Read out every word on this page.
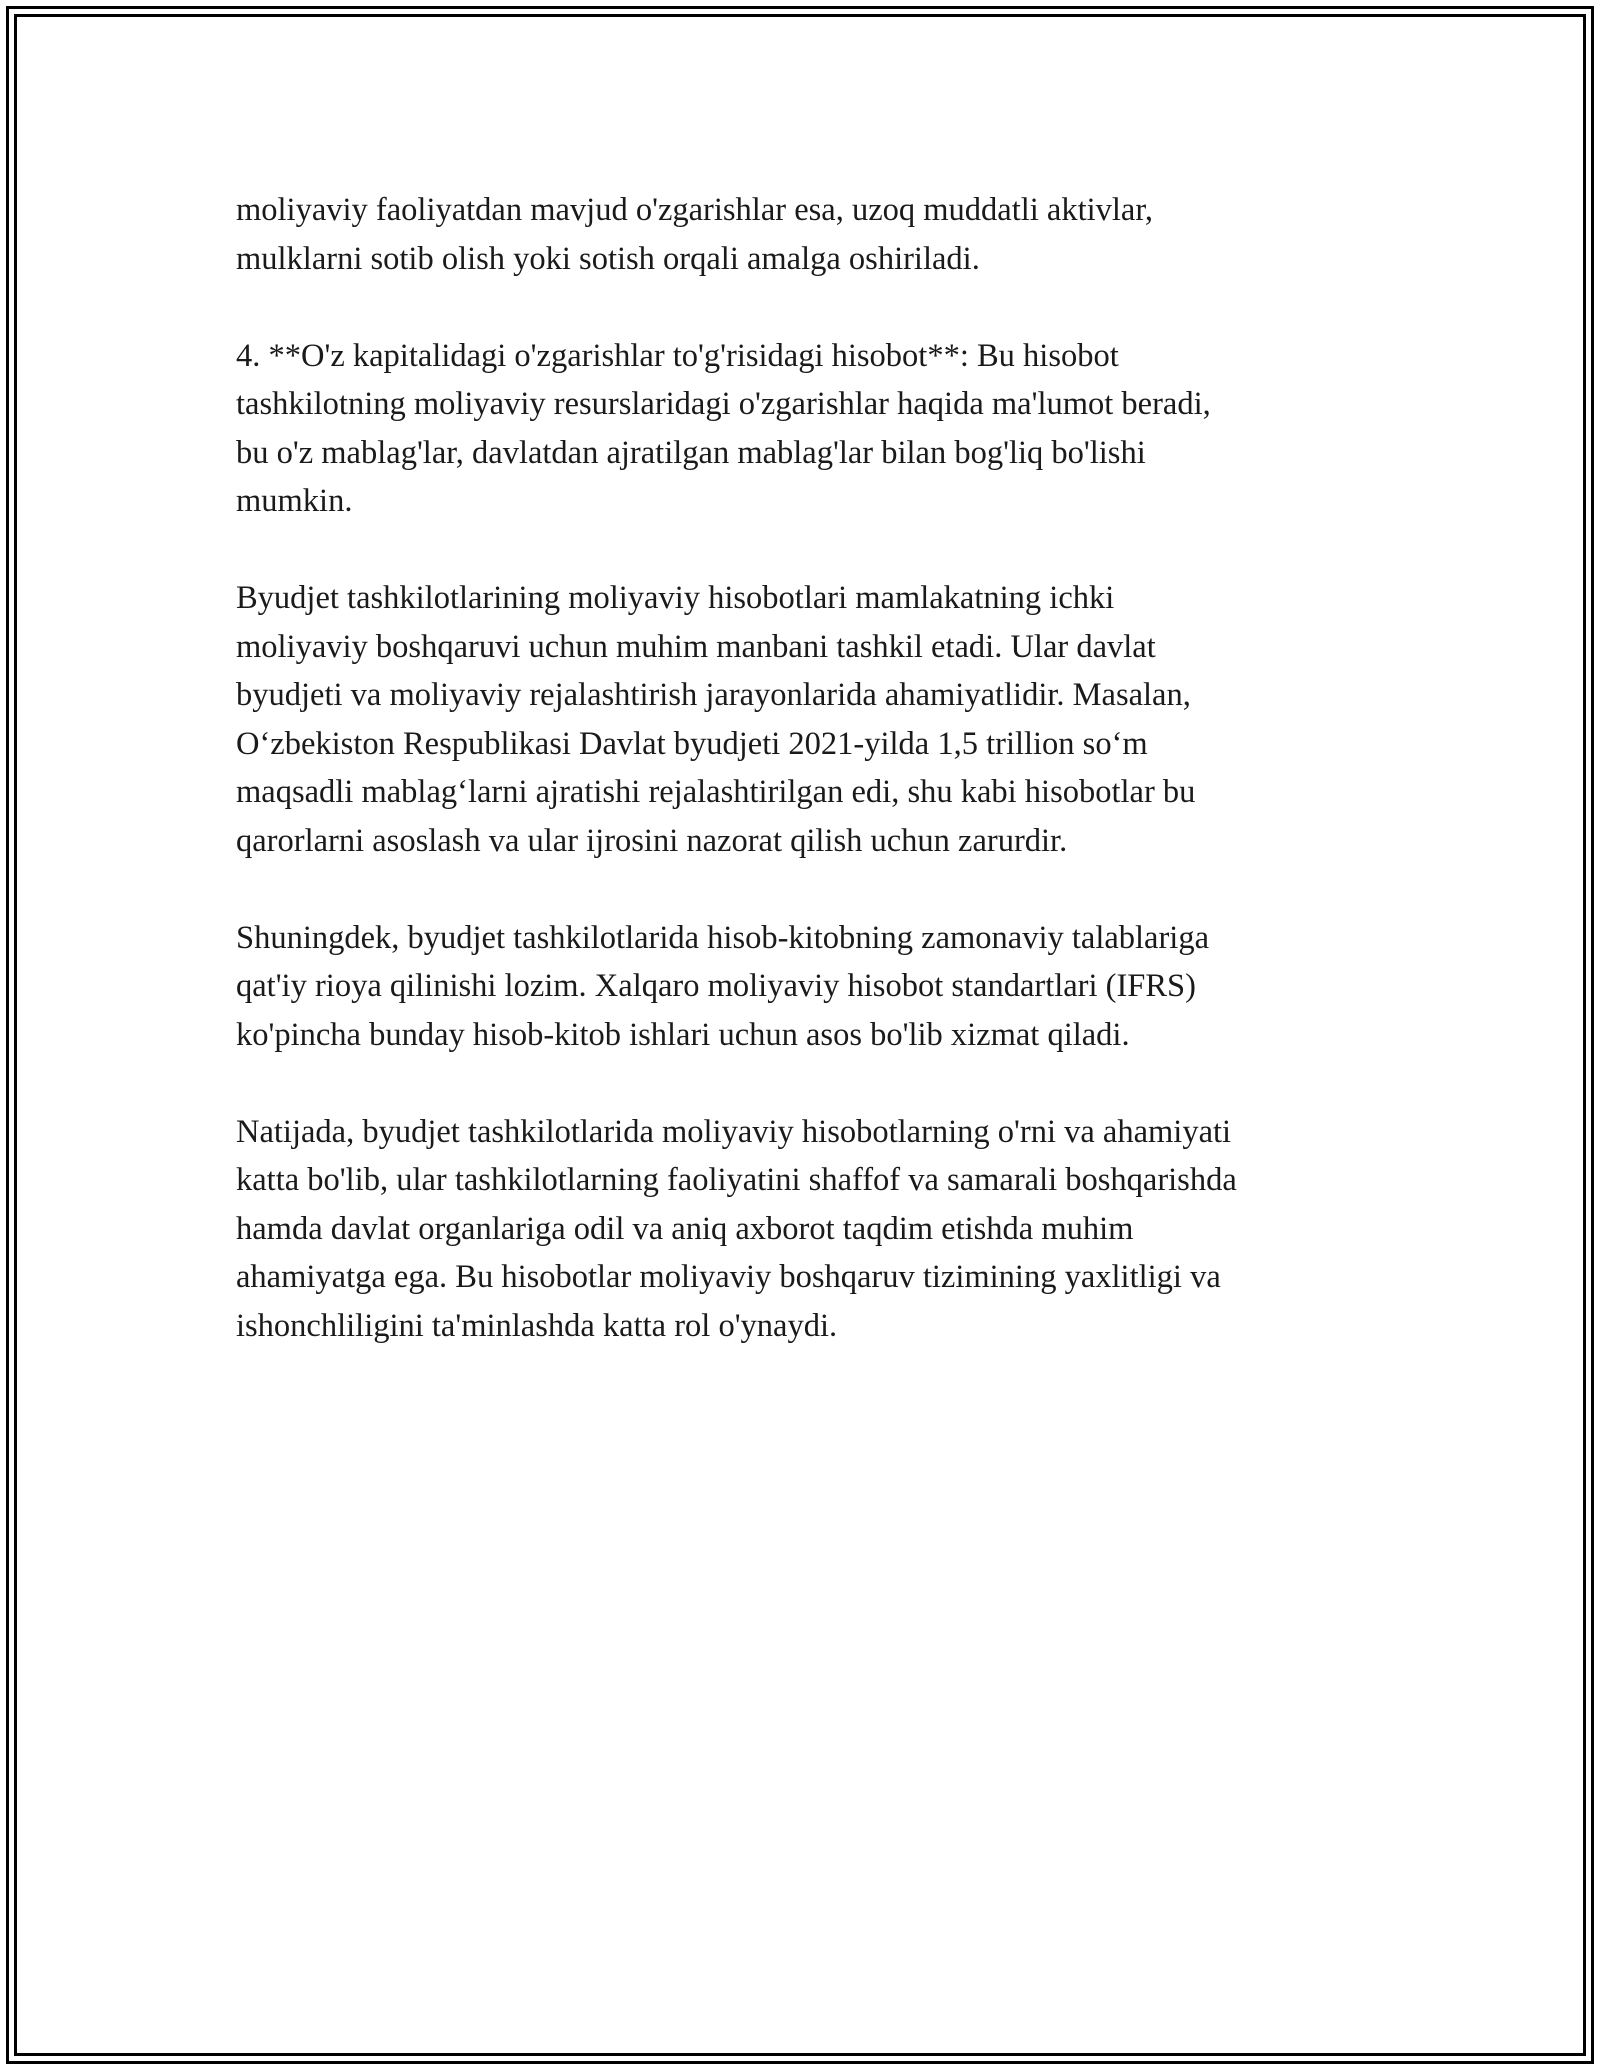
moliyaviy faoliyatdan mavjud o'zgarishlar esa, uzoq muddatli aktivlar,
mulklarni sotib olish yoki sotish orqali amalga oshiriladi.

4. **O'z kapitalidagi o'zgarishlar to'g'risidagi hisobot**: Bu hisobot
tashkilotning moliyaviy resurslaridagi o'zgarishlar haqida ma'lumot beradi,
bu o'z mablag'lar, davlatdan ajratilgan mablag'lar bilan bog'liq bo'lishi
mumkin.

Byudjet tashkilotlarining moliyaviy hisobotlari mamlakatning ichki
moliyaviy boshqaruvi uchun muhim manbani tashkil etadi. Ular davlat
byudjeti va moliyaviy rejalashtirish jarayonlarida ahamiyatlidir. Masalan,
O‘zbekiston Respublikasi Davlat byudjeti 2021-yilda 1,5 trillion so‘m
maqsadli mablag‘larni ajratishi rejalashtirilgan edi, shu kabi hisobotlar bu
qarorlarni asoslash va ular ijrosini nazorat qilish uchun zarurdir.

Shuningdek, byudjet tashkilotlarida hisob-kitobning zamonaviy talablariga
qat'iy rioya qilinishi lozim. Xalqaro moliyaviy hisobot standartlari (IFRS)
ko'pincha bunday hisob-kitob ishlari uchun asos bo'lib xizmat qiladi.

Natijada, byudjet tashkilotlarida moliyaviy hisobotlarning o'rni va ahamiyati
katta bo'lib, ular tashkilotlarning faoliyatini shaffof va samarali boshqarishda
hamda davlat organlariga odil va aniq axborot taqdim etishda muhim
ahamiyatga ega. Bu hisobotlar moliyaviy boshqaruv tizimining yaxlitligi va
ishonchliligini ta'minlashda katta rol o'ynaydi.
